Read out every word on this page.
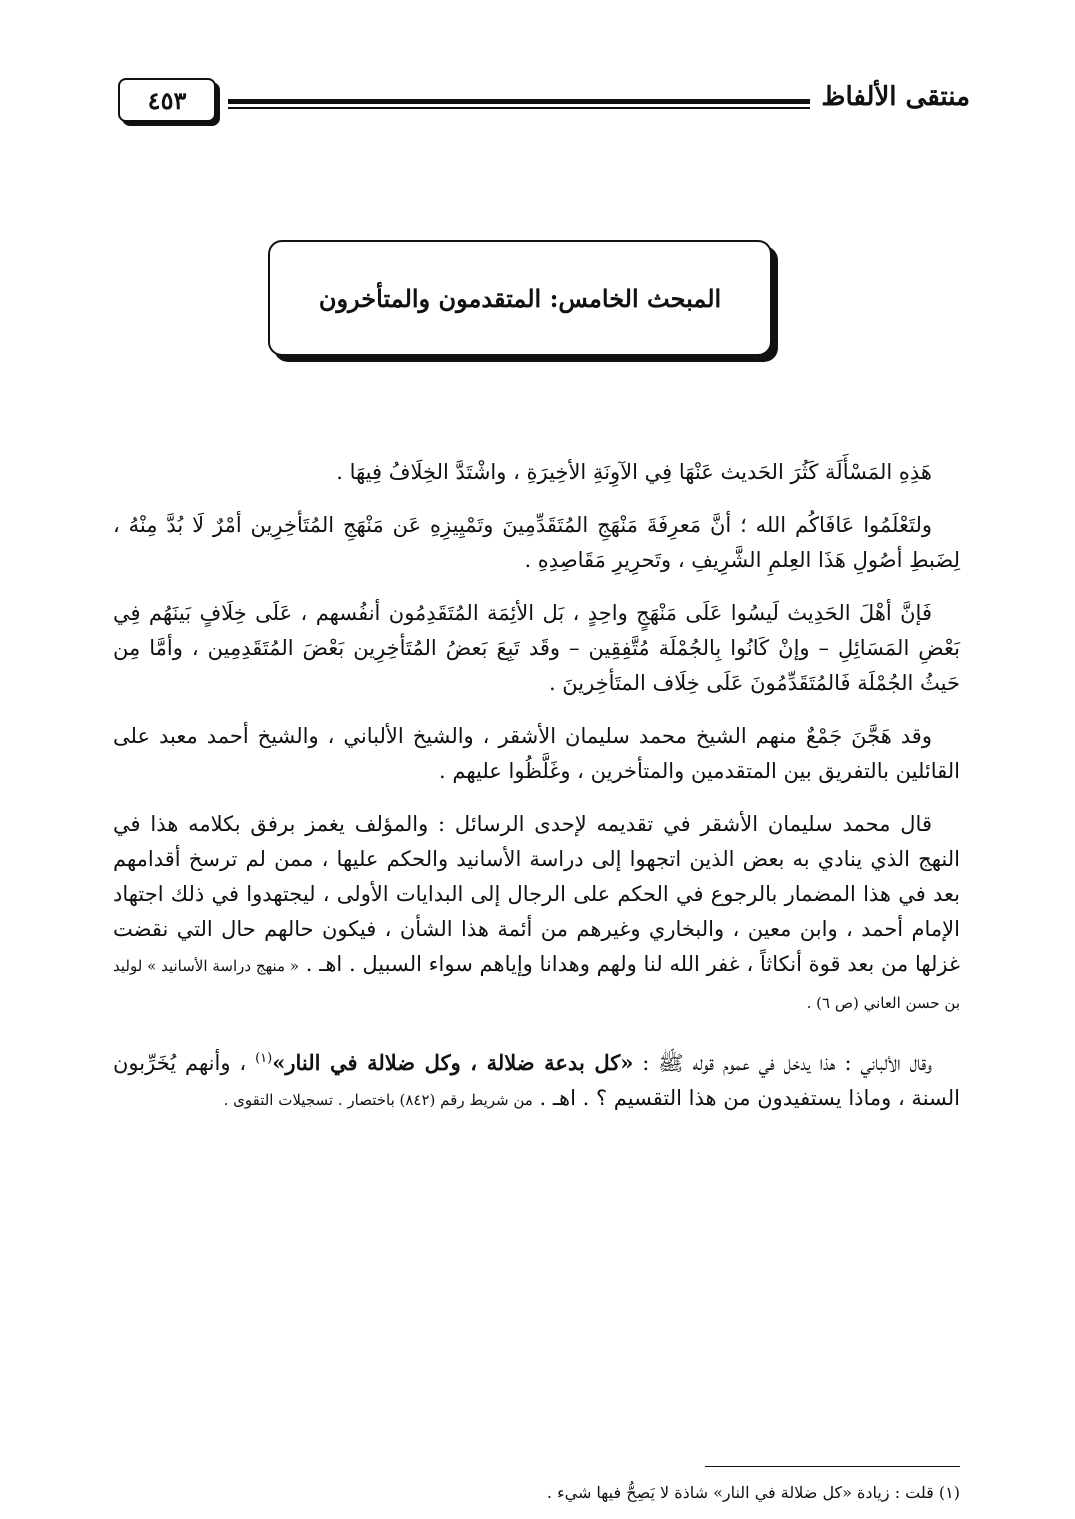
منتقى الألفاظ
٤٥٣
المبحث الخامس: المتقدمون والمتأخرون

هَذِهِ المَسْأَلَة كَثُرَ الحَديث عَنْهَا فِي الآوِنَةِ الأخِيرَةِ ، واشْتَدَّ الخِلَافُ فِيهَا .

ولتَعْلَمُوا عَافَاكُم الله ؛ أنَّ مَعرِفَةَ مَنْهَجِ المُتَقَدِّمِينَ وتَمْيِيزِهِ عَن مَنْهَجِ المُتَأخِرِين أمْرٌ لَا بُدَّ مِنْهُ ، لِضَبطِ أصُولِ هَذَا العِلمِ الشَّرِيفِ ، وتَحرِيرِ مَقَاصِدِهِ .

فَإنَّ أهْلَ الحَدِيث لَيسُوا عَلَى مَنْهَجٍ واحِدٍ ، بَل الأئِمَة المُتَقَدِمُون أنفُسهم ، عَلَى خِلَافٍ بَينَهُم فِي بَعْضِ المَسَائِلِ – وإنْ كَانُوا بِالجُمْلَة مُتَّفِقِين – وقَد تَبِعَ بَعضُ المُتَأخِرِين بَعْضَ المُتَقَدِمِين ، وأمَّا مِن حَيثُ الجُمْلَة فَالمُتَقَدِّمُونَ عَلَى خِلَاف المتَأخِرينَ .

وقد هَجَّنَ جَمْعٌ منهم الشيخ محمد سليمان الأشقر ، والشيخ الألباني ، والشيخ أحمد معبد على القائلين بالتفريق بين المتقدمين والمتأخرين ، وغَلَّظُوا عليهم .

قال محمد سليمان الأشقر في تقديمه لإحدى الرسائل : والمؤلف يغمز برفق بكلامه هذا في النهج الذي ينادي به بعض الذين اتجهوا إلى دراسة الأسانيد والحكم عليها ، ممن لم ترسخ أقدامهم بعد في هذا المضمار بالرجوع في الحكم على الرجال إلى البدايات الأولى ، ليجتهدوا في ذلك اجتهاد الإمام أحمد ، وابن معين ، والبخاري وغيرهم من أئمة هذا الشأن ، فيكون حالهم حال التي نقضت غزلها من بعد قوة أنكاثاً ، غفر الله لنا ولهم وهدانا وإياهم سواء السبيل . اهـ . « منهج دراسة الأسانيد » لوليد بن حسن العاني (ص ٦) .

وقال الألباني : هذا يدخل في عموم قوله ﷺ : «كل بدعة ضلالة ، وكل ضلالة في النار»$^{(١)}$ ، وأنهم يُخَرِّبون السنة ، وماذا يستفيدون من هذا التقسيم ؟ . اهـ . من شريط رقم (٨٤٢) باختصار . تسجيلات التقوى .

(١) قلت : زيادة «كل ضلالة في النار» شاذة لا يَصِحُّ فيها شيء .
